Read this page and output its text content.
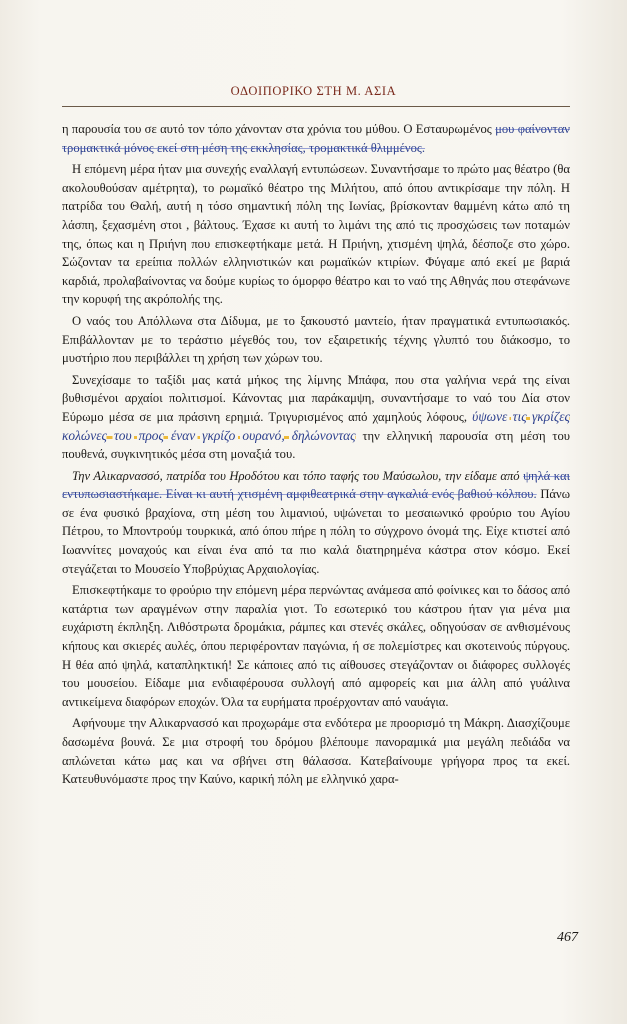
ΟΔΟΙΠΟΡΙΚΟ ΣΤΗ Μ. ΑΣΙΑ

η παρουσία του σε αυτό τον τόπο χάνονταν στα χρόνια του μύθου. Ο Εσταυρωμένος μου φαίνονταν τρομακτικά μόνος εκεί στη μέση της εκκλησίας, τρομακτικά θλιμμένος.

Η επόμενη μέρα ήταν μια συνεχής εναλλαγή εντυπώσεων. Συναντήσαμε το πρώτο μας θέατρο (θα ακολουθούσαν αμέτρητα), το ρωμαϊκό θέατρο της Μιλήτου, από όπου αντικρίσαμε την πόλη. Η πατρίδα του Θαλή, αυτή η τόσο σημαντική πόλη της Ιωνίας, βρίσκονταν θαμμένη κάτω από τη λάσπη, ξεχασμένη στοι , βάλτους. Έχασε κι αυτή το λιμάνι της από τις προσχώσεις των ποταμών της, όπως και η Πριήνη που επισκεφτήκαμε μετά. Η Πριήνη, χτισμένη ψηλά, δέσποζε στο χώρο. Σώζονταν τα ερείπια πολλών ελληνιστικών και ρωμαϊκών κτιρίων. Φύγαμε από εκεί με βαριά καρδιά, προλαβαίνοντας να δούμε κυρίως το όμορφο θέατρο και το ναό της Αθηνάς που στεφάνωνε την κορυφή της ακρόπολής της.

Ο ναός του Απόλλωνα στα Δίδυμα, με το ξακουστό μαντείο, ήταν πραγματικά εντυπωσιακός. Επιβάλλονταν με το τεράστιο μέγεθός του, τον εξαιρετικής τέχνης γλυπτό του διάκοσμο, το μυστήριο που περιβάλλει τη χρήση των χώρων του.

Συνεχίσαμε το ταξίδι μας κατά μήκος της λίμνης Μπάφα, που στα γαλήνια νερά της είναι βυθισμένοι αρχαίοι πολιτισμοί. Κάνοντας μια παράκαμψη, συναντήσαμε το ναό του Δία στον Εύρωμο μέσα σε μια πράσινη ερημιά. Τριγυρισμένος από χαμηλούς λόφους, ύψωνε τις γκρίζες κολώνες του προς έναν γκρίζο ουρανό, δηλώνοντας την ελληνική παρουσία στη μέση του πουθενά, συγκινητικός μέσα στη μοναξιά του.

Την Αλικαρνασσό, πατρίδα του Ηροδότου και τόπο ταφής του Μαύσωλου, την είδαμε από ψηλά και εντυπωσιαστήκαμε. Είναι κι αυτή χτισμένη αμφιθεατρικά στην αγκαλιά ενός βαθιού κόλπου. Πάνω σε ένα φυσικό βραχίονα, στη μέση του λιμανιού, υψώνεται το μεσαιωνικό φρούριο του Αγίου Πέτρου, το Μποντρούμ τουρκικά, από όπου πήρε η πόλη το σύγχρονο όνομά της. Είχε κτιστεί από Ιωαννίτες μοναχούς και είναι ένα από τα πιο καλά διατηρημένα κάστρα στον κόσμο. Εκεί στεγάζεται το Μουσείο Υποβρύχιας Αρχαιολογίας.

Επισκεφτήκαμε το φρούριο την επόμενη μέρα περνώντας ανάμεσα από φοίνικες και το δάσος από κατάρτια των αραγμένων στην παραλία γιοτ. Το εσωτερικό του κάστρου ήταν για μένα μια ευχάριστη έκπληξη. Λιθόστρωτα δρομάκια, ράμπες και στενές σκάλες, οδηγούσαν σε ανθισμένους κήπους και σκιερές αυλές, όπου περιφέρονταν παγώνια, ή σε πολεμίστρες και σκοτεινούς πύργους. Η θέα από ψηλά, καταπληκτική! Σε κάποιες από τις αίθουσες στεγάζονταν οι διάφορες συλλογές του μουσείου. Είδαμε μια ενδιαφέρουσα συλλογή από αμφορείς και μια άλλη από γυάλινα αντικείμενα διαφόρων εποχών. Όλα τα ευρήματα προέρχονταν από ναυάγια.

Αφήνουμε την Αλικαρνασσό και προχωράμε στα ενδότερα με προορισμό τη Μάκρη. Διασχίζουμε δασωμένα βουνά. Σε μια στροφή του δρόμου βλέπουμε πανοραμικά μια μεγάλη πεδιάδα να απλώνεται κάτω μας και να σβήνει στη θάλασσα. Κατεβαίνουμε γρήγορα προς τα εκεί. Κατευθυνόμαστε προς την Καύνο, καρική πόλη με ελληνικό χαρα-

467
